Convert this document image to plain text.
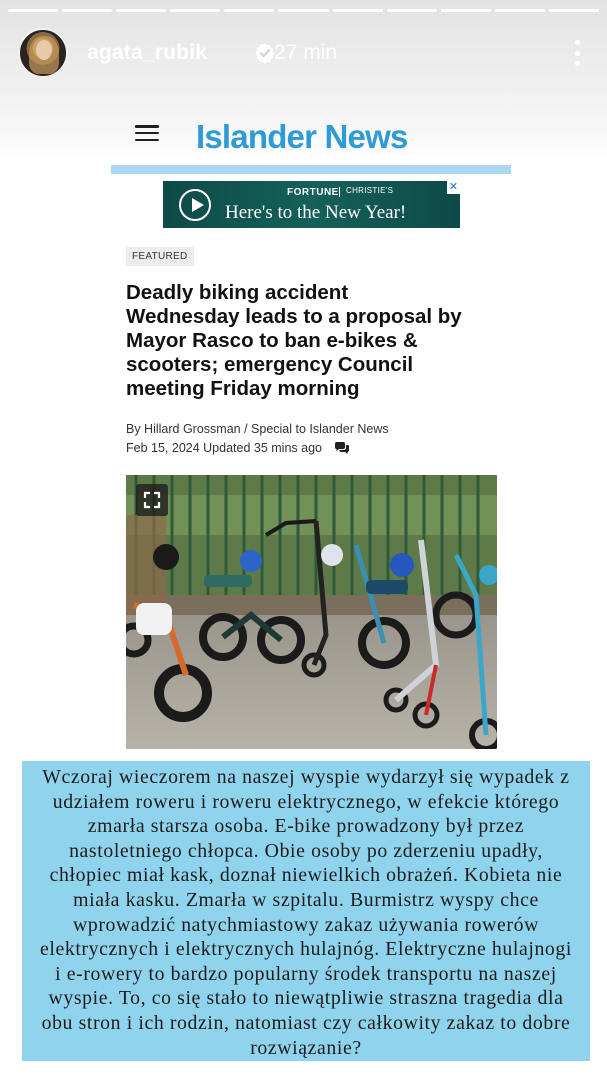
agata_rubik	27 min
Islander News
FORTUNE CHRISTIE'S
Here's to the New Year!
✕
FEATURED
Deadly biking accident Wednesday leads to a proposal by Mayor Rasco to ban e-bikes & scooters; emergency Council meeting Friday morning
By Hillard Grossman / Special to Islander News
Feb 15, 2024 Updated 35 mins ago

Wczoraj wieczorem na naszej wyspie wydarzył się wypadek z udziałem roweru i roweru elektrycznego, w efekcie którego zmarła starsza osoba. E-bike prowadzony był przez nastoletniego chłopca. Obie osoby po zderzeniu upadły, chłopiec miał kask, doznał niewielkich obrażeń. Kobieta nie miała kasku. Zmarła w szpitalu. Burmistrz wyspy chce wprowadzić natychmiastowy zakaz używania rowerów elektrycznych i elektrycznych hulajnóg. Elektryczne hulajnogi i e-rowery to bardzo popularny środek transportu na naszej wyspie. To, co się stało to niewątpliwie straszna tragedia dla obu stron i ich rodzin, natomiast czy całkowity zakaz to dobre rozwiązanie?
